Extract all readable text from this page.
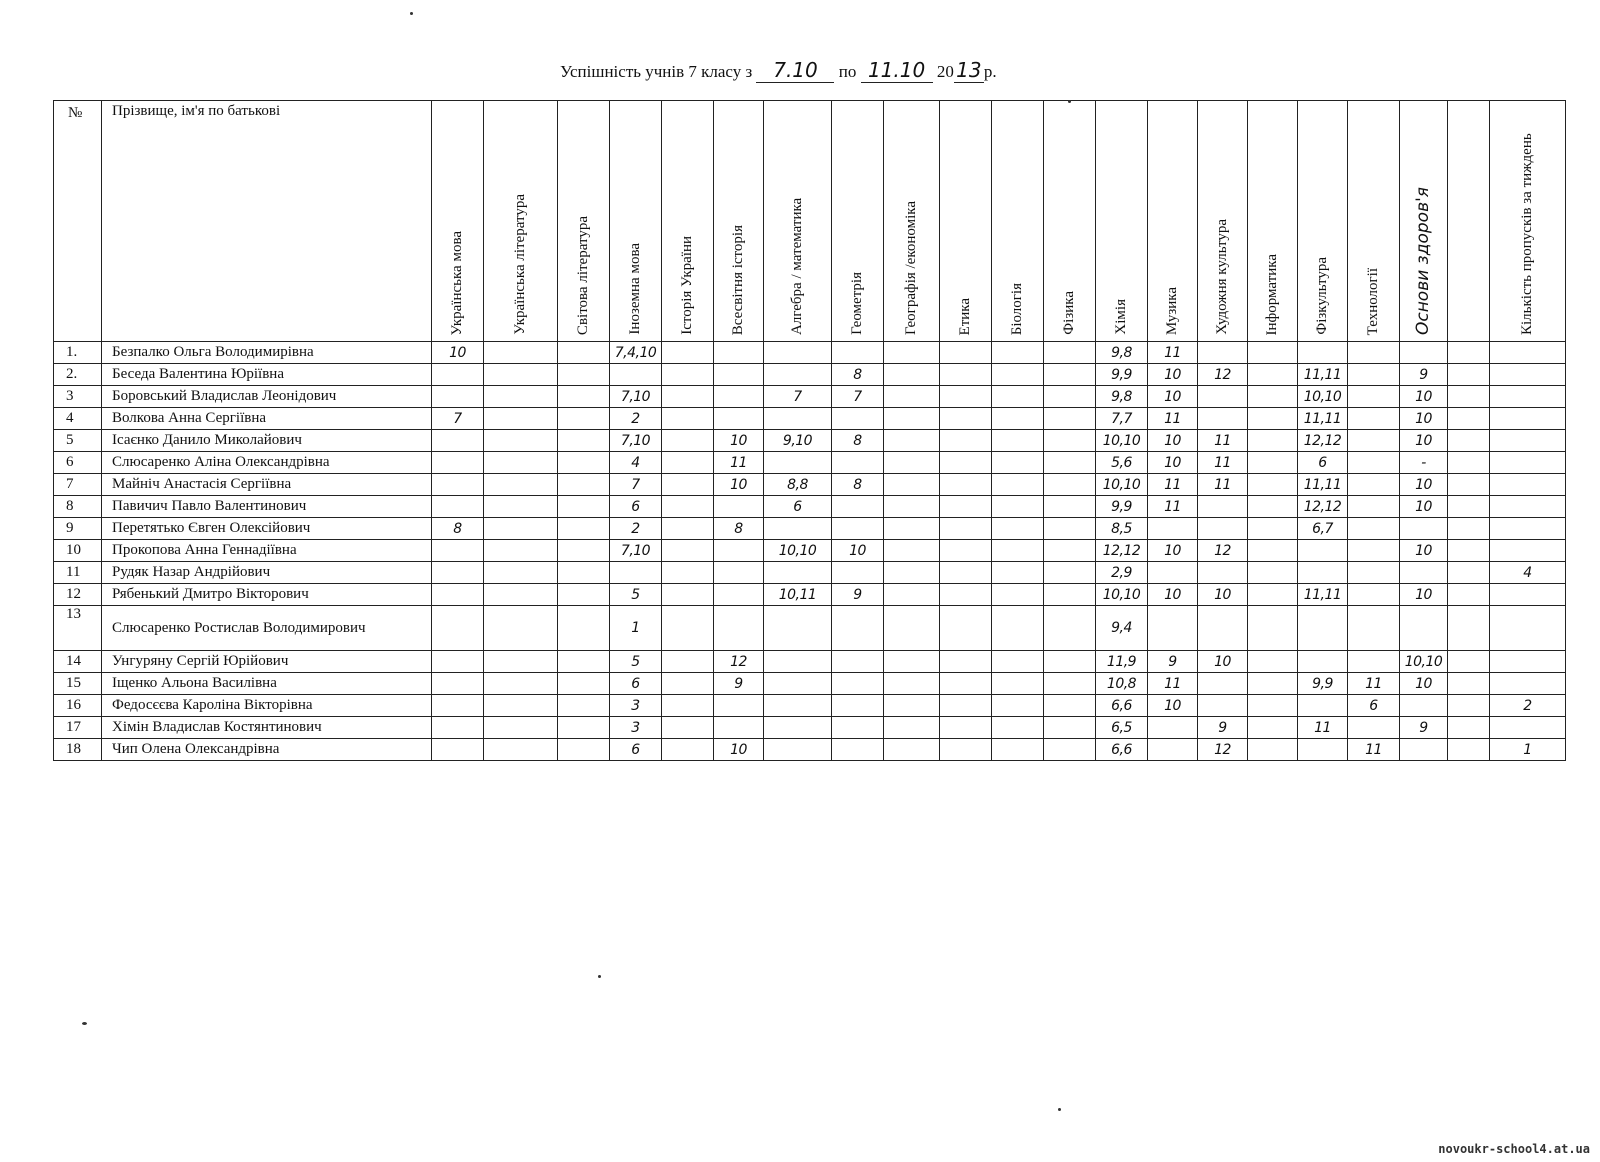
Успішність учнів 7 класу з 7.10 по 11.10 20 13 р.
№	Прізвище, ім'я по батькові	Українська мова	Українська література	Світова література	Іноземна мова	Історія України	Всесвітня історія	Алгебра / математика	Геометрія	Географія /економіка	Етика	Біологія	Фізика	Хімія	Музика	Художня культура	Інформатика	Фізкультура	Технології	Основи здоров'я		Кількість пропусків за тиждень

1.	Безпалко Ольга Володимирівна	10			7,4,10									9,8	11							
2.	Беседа Валентина Юріївна								8					9,9	10	12		11,11		9		
3	Боровський Владислав Леонідович				7,10			7	7					9,8	10			10,10		10		
4	Волкова Анна Сергіївна	7			2									7,7	11			11,11		10		
5	Ісаєнко Данило Миколайович				7,10		10	9,10	8					10,10	10	11		12,12		10		
6	Слюсаренко Аліна Олександрівна				4		11							5,6	10	11		6		-		
7	Майніч Анастасія Сергіївна				7		10	8,8	8					10,10	11	11		11,11		10		
8	Павичич Павло Валентинович				6			6						9,9	11			12,12		10		
9	Перетятько Євген Олексійович	8			2		8							8,5				6,7				
10	Прокопова Анна Геннадіївна				7,10			10,10	10					12,12	10	12				10		
11	Рудяк Назар Андрійович													2,9								4
12	Рябенький Дмитро Вікторович				5			10,11	9					10,10	10	10		11,11		10		
13	Слюсаренко Ростислав Володимирович				1									9,4								
14	Унгуряну Сергій Юрійович				5		12							11,9	9	10				10,10		
15	Іщенко Альона Василівна				6		9							10,8	11			9,9	11	10		
16	Федосєєва Кароліна Вікторівна				3									6,6	10				6			2
17	Хімін Владислав Костянтинович				3									6,5		9		11		9		
18	Чип Олена Олександрівна				6		10							6,6		12			11			1
novoukr-school4.at.ua
